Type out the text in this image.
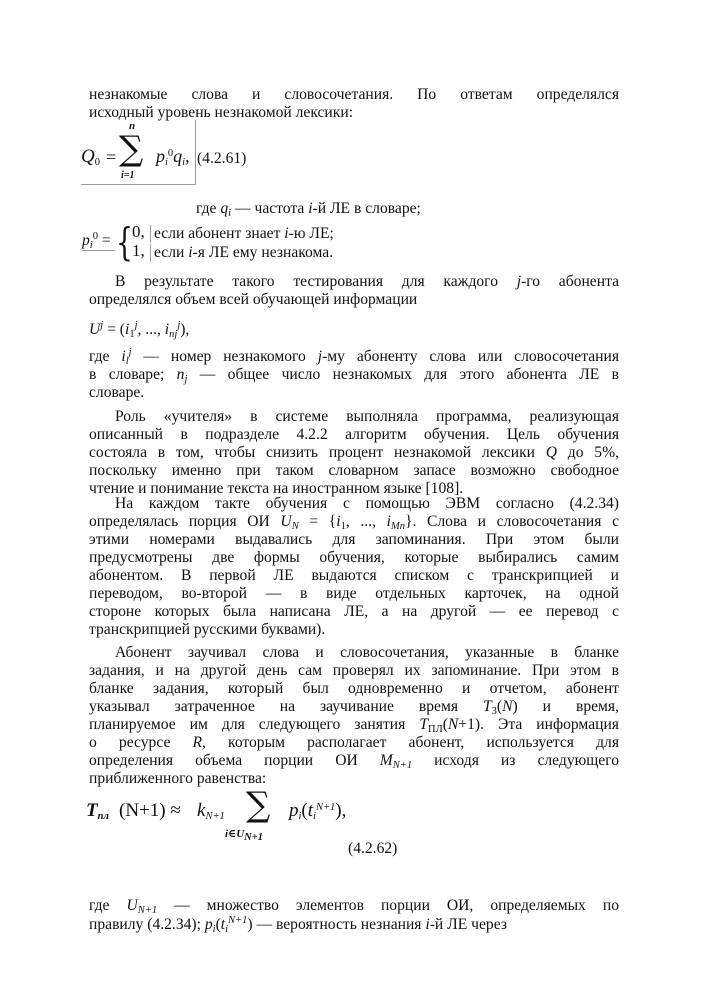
незнакомые слова и словосочетания. По ответам определялся
исходный уровень незнакомой лексики:
$Q_0$ =
n
∑
i=1
$p_i^0q_i$, (4.2.61)
где $q_i$ — частота i-й ЛЕ в словаре;
$p_i^0$ = { 0,
1,
если абонент знает i-ю ЛЕ;
если i-я ЛЕ ему незнакома.
В результате такого тестирования для каждого j-го абонента
определялся объем всей обучающей информации
$U^j = (i_1^j$, ..., $i_{nj}^j$),
где $i_l^j$ — номер незнакомого j-му абоненту слова или словосочетания
в словаре; $n_j$ — общее число незнакомых для этого абонента ЛЕ в
словаре.
Роль «учителя» в системе выполняла программа, реализующая
описанный в подразделе 4.2.2 алгоритм обучения. Цель обучения
состояла в том, чтобы снизить процент незнакомой лексики Q до 5%,
поскольку именно при таком словарном запасе возможно свободное
чтение и понимание текста на иностранном языке [108].
На каждом такте обучения с помощью ЭВМ согласно (4.2.34)
определялась порция ОИ $U_N = \{i_1$, ..., $i_{Mn}$}. Слова и словосочетания с
этими номерами выдавались для запоминания. При этом были
предусмотрены две формы обучения, которые выбирались самим
абонентом. В первой ЛЕ выдаются списком с транскрипцией и
переводом, во-второй — в виде отдельных карточек, на одной
стороне которых была написана ЛЕ, а на другой — ее перевод с
транскрипцией русскими буквами).
Абонент заучивал слова и словосочетания, указанные в бланке
задания, и на другой день сам проверял их запоминание. При этом в
бланке задания, который был одновременно и отчетом, абонент
указывал затраченное на заучивание время $T_3(N)$ и время,
планируемое им для следующего занятия $T_{ПЛ}(N+1)$. Эта информация
о ресурсе R, которым располагает абонент, используется для
определения объема порции ОИ $M_{N+1}$ исходя из следующего
приближенного равенства:
$T_{пл}$ $(N+1) \approx k_{N+1}$ ∑
$i\in U_{N+1}$
$p_i(t_i^{N+1})$,
(4.2.62)
где $U_{N+1}$ — множество элементов порции ОИ, определяемых по
правилу (4.2.34); $p_i(t_i^{N+1})$ — вероятность незнания i-й ЛЕ через
